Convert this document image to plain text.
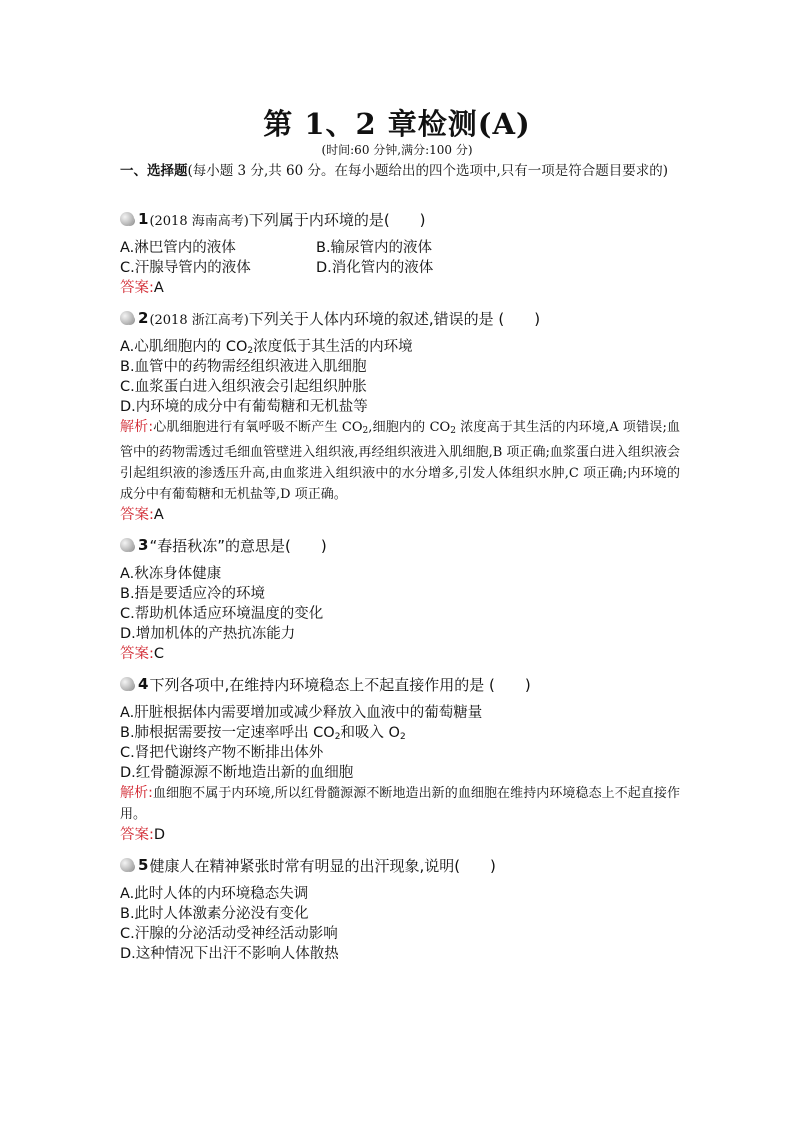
第 1、2 章检测(A)
(时间:60 分钟,满分:100 分)
一、选择题(每小题 3 分,共 60 分。在每小题给出的四个选项中,只有一项是符合题目要求的)
1 (2018 海南高考) 下列属于内环境的是(　　)
A.淋巴管内的液体	B.输尿管内的液体
C.汗腺导管内的液体	D.消化管内的液体
答案:A
2 (2018 浙江高考) 下列关于人体内环境的叙述,错误的是 (　　)
A.心肌细胞内的 $CO_2$浓度低于其生活的内环境
B.血管中的药物需经组织液进入肌细胞
C.血浆蛋白进入组织液会引起组织肿胀
D.内环境的成分中有葡萄糖和无机盐等
解析:心肌细胞进行有氧呼吸不断产生 $CO_2$,细胞内的 $CO_2$ 浓度高于其生活的内环境,A 项错误;血管中的药物需透过毛细血管壁进入组织液,再经组织液进入肌细胞,B 项正确;血浆蛋白进入组织液会引起组织液的渗透压升高,由血浆进入组织液中的水分增多,引发人体组织水肿,C 项正确;内环境的成分中有葡萄糖和无机盐等,D 项正确。
答案:A
3 “春捂秋冻”的意思是(　　)
A.秋冻身体健康
B.捂是要适应冷的环境
C.帮助机体适应环境温度的变化
D.增加机体的产热抗冻能力
答案:C
4 下列各项中,在维持内环境稳态上不起直接作用的是 (　　)
A.肝脏根据体内需要增加或减少释放入血液中的葡萄糖量
B.肺根据需要按一定速率呼出 $CO_2$和吸入 $O_2$
C.肾把代谢终产物不断排出体外
D.红骨髓源源不断地造出新的血细胞
解析:血细胞不属于内环境,所以红骨髓源源不断地造出新的血细胞在维持内环境稳态上不起直接作用。
答案:D
5 健康人在精神紧张时常有明显的出汗现象,说明(　　)
A.此时人体的内环境稳态失调
B.此时人体激素分泌没有变化
C.汗腺的分泌活动受神经活动影响
D.这种情况下出汗不影响人体散热
